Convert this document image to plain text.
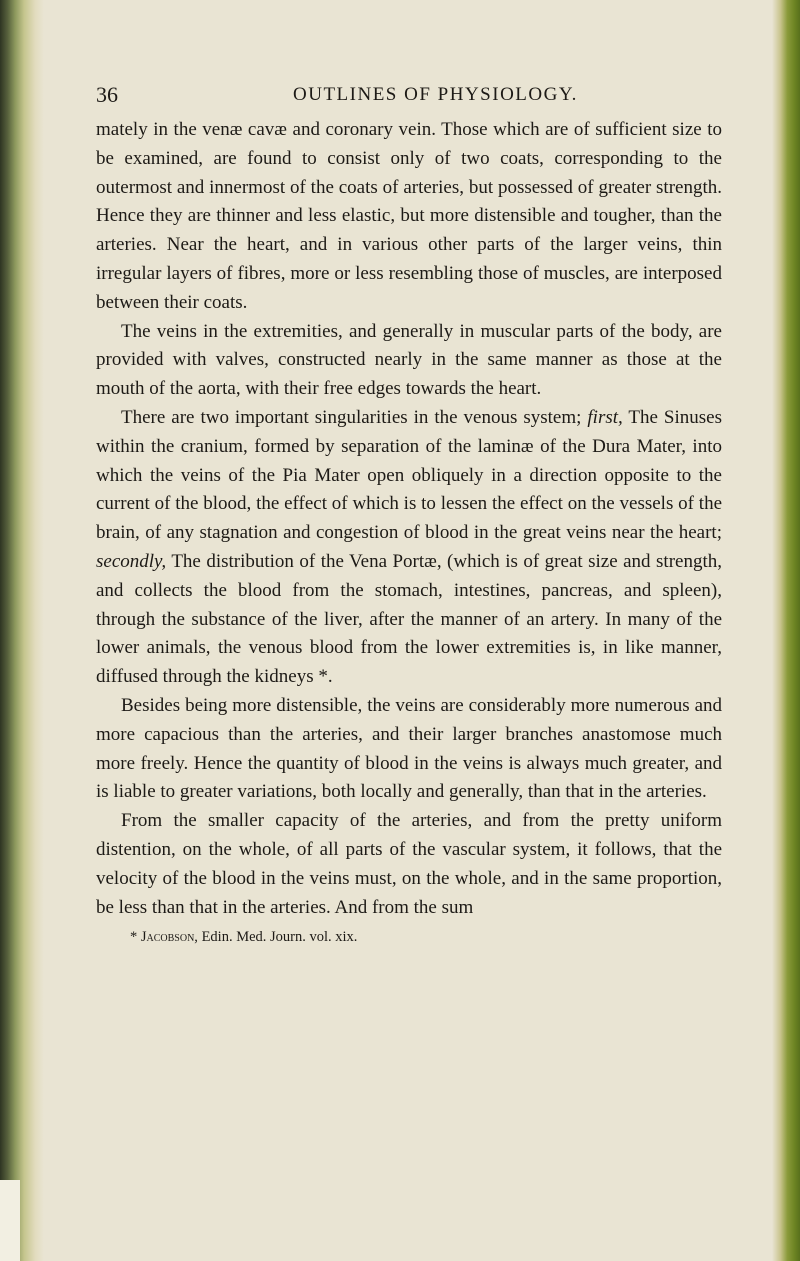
36	OUTLINES OF PHYSIOLOGY.

mately in the venæ cavæ and coronary vein. Those which are of sufficient size to be examined, are found to consist only of two coats, corresponding to the outermost and innermost of the coats of arteries, but possessed of greater strength. Hence they are thinner and less elastic, but more distensible and tougher, than the arteries. Near the heart, and in various other parts of the larger veins, thin irregular layers of fibres, more or less resembling those of muscles, are interposed between their coats.

The veins in the extremities, and generally in muscular parts of the body, are provided with valves, constructed nearly in the same manner as those at the mouth of the aorta, with their free edges towards the heart.

There are two important singularities in the venous system; first, The Sinuses within the cranium, formed by separation of the laminæ of the Dura Mater, into which the veins of the Pia Mater open obliquely in a direction opposite to the current of the blood, the effect of which is to lessen the effect on the vessels of the brain, of any stagnation and congestion of blood in the great veins near the heart; secondly, The distribution of the Vena Portæ, (which is of great size and strength, and collects the blood from the stomach, intestines, pancreas, and spleen), through the substance of the liver, after the manner of an artery. In many of the lower animals, the venous blood from the lower extremities is, in like manner, diffused through the kidneys *.

Besides being more distensible, the veins are considerably more numerous and more capacious than the arteries, and their larger branches anastomose much more freely. Hence the quantity of blood in the veins is always much greater, and is liable to greater variations, both locally and generally, than that in the arteries.

From the smaller capacity of the arteries, and from the pretty uniform distention, on the whole, of all parts of the vascular system, it follows, that the velocity of the blood in the veins must, on the whole, and in the same proportion, be less than that in the arteries. And from the sum

* Jacobson, Edin. Med. Journ. vol. xix.
